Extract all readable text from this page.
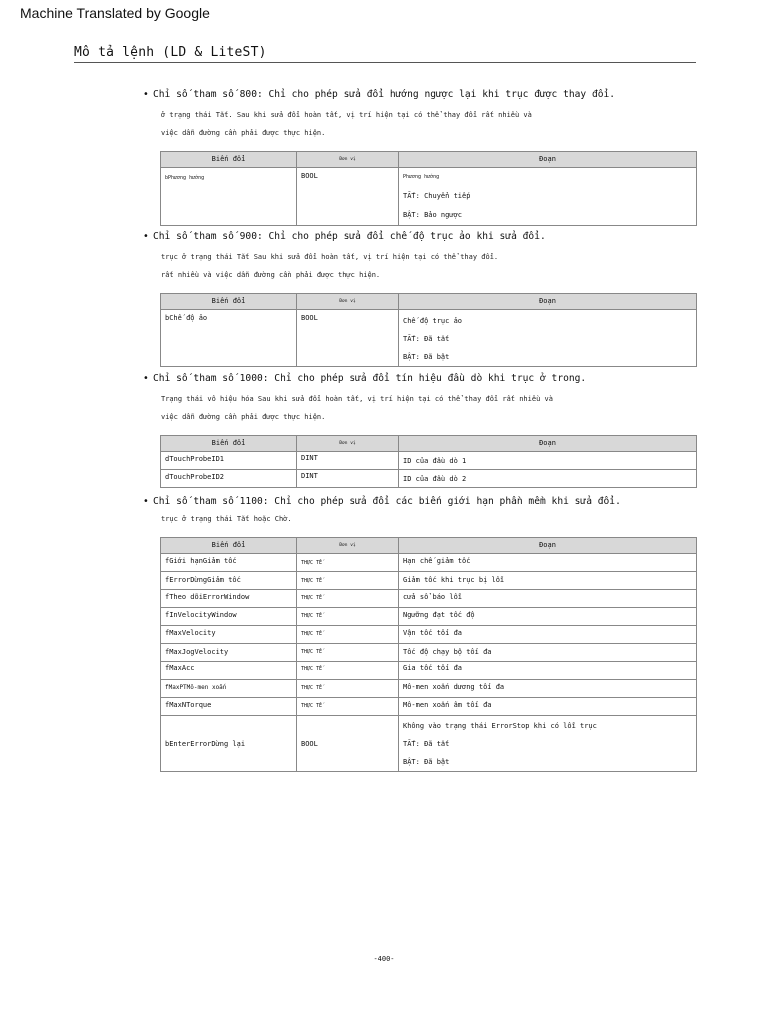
Machine Translated by Google
Mô tả lệnh (LD & LiteST)
• Chỉ số tham số 800: Chỉ cho phép sửa đổi hướng ngược lại khi trục được thay đổi.
ở trạng thái Tắt. Sau khi sửa đổi hoàn tất, vị trí hiện tại có thể thay đổi rất nhiều và
việc dẫn đường cần phải được thực hiện.
Biến đổi	Đơn vị	Đoạn
bPhương hướng	BOOL	Phương hướng
TẮT: Chuyển tiếp
BẬT: Bảo ngược
• Chỉ số tham số 900: Chỉ cho phép sửa đổi chế độ trục ảo khi sửa đổi.
trục ở trạng thái Tắt Sau khi sửa đổi hoàn tất, vị trí hiện tại có thể thay đổi.
rất nhiều và việc dẫn đường cần phải được thực hiện.
Biến đổi	Đơn vị	Đoạn
bChế độ ảo	BOOL	Chế độ trục ảo
TẮT: Đã tắt
BẬT: Đã bật
• Chỉ số tham số 1000: Chỉ cho phép sửa đổi tín hiệu đầu dò khi trục ở trong.
Trạng thái vô hiệu hóa Sau khi sửa đổi hoàn tất, vị trí hiện tại có thể thay đổi rất nhiều và
việc dẫn đường cần phải được thực hiện.
Biến đổi	Đơn vị	Đoạn
dTouchProbeID1	DINT	ID của đầu dò 1
dTouchProbeID2	DINT	ID của đầu dò 2
• Chỉ số tham số 1100: Chỉ cho phép sửa đổi các biến giới hạn phần mềm khi sửa đổi.
trục ở trạng thái Tắt hoặc Chờ.
Biến đổi	Đơn vị	Đoạn
fGiới hạnGiảm tốc	THỰC TẾ	Hạn chế giảm tốc
fErrorDừngGiảm tốc	THỰC TẾ	Giảm tốc khi trục bị lỗi
fTheo dõiErrorWindow	THỰC TẾ	cửa sổ báo lỗi
fInVelocityWindow	THỰC TẾ	Ngưỡng đạt tốc độ
fMaxVelocity	THỰC TẾ	Vận tốc tối đa
fMaxJogVelocity	THỰC TẾ	Tốc độ chạy bộ tối đa
fMaxAcc	THỰC TẾ	Gia tốc tối đa
fMaxPTMô-men xoắn	THỰC TẾ	Mô-men xoắn dương tối đa
fMaxNTorque	THỰC TẾ	Mô-men xoắn âm tối đa
bEnterErrorDừng lại	BOOL	Không vào trạng thái ErrorStop khi có lỗi trục
TẮT: Đã tắt
BẬT: Đã bật
-400-
